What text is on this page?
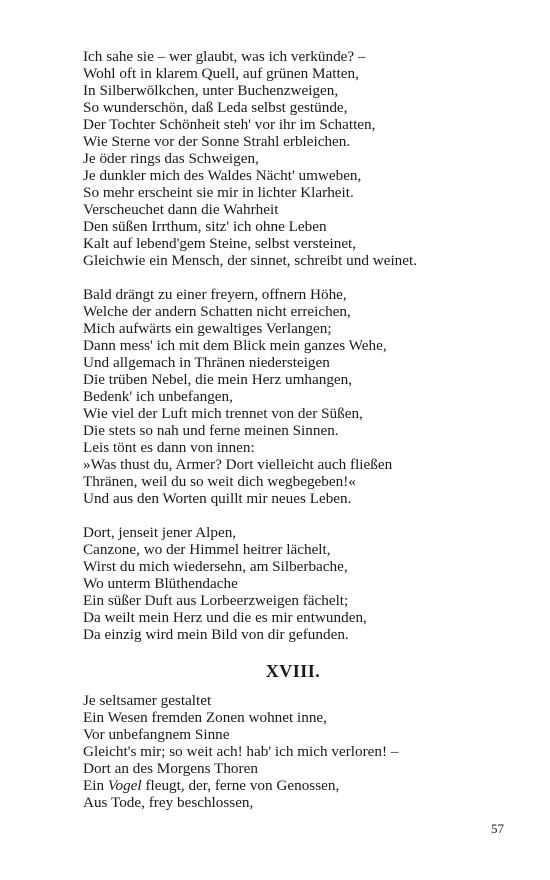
Ich sahe sie – wer glaubt, was ich verkünde? –
Wohl oft in klarem Quell, auf grünen Matten,
In Silberwölkchen, unter Buchenzweigen,
So wunderschön, daß Leda selbst gestünde,
Der Tochter Schönheit steh' vor ihr im Schatten,
Wie Sterne vor der Sonne Strahl erbleichen.
Je öder rings das Schweigen,
Je dunkler mich des Waldes Nächt' umweben,
So mehr erscheint sie mir in lichter Klarheit.
Verscheuchet dann die Wahrheit
Den süßen Irrthum, sitz' ich ohne Leben
Kalt auf lebend'gem Steine, selbst versteinet,
Gleichwie ein Mensch, der sinnet, schreibt und weinet.
Bald drängt zu einer freyern, offnern Höhe,
Welche der andern Schatten nicht erreichen,
Mich aufwärts ein gewaltiges Verlangen;
Dann mess' ich mit dem Blick mein ganzes Wehe,
Und allgemach in Thränen niedersteigen
Die trüben Nebel, die mein Herz umhangen,
Bedenk' ich unbefangen,
Wie viel der Luft mich trennet von der Süßen,
Die stets so nah und ferne meinen Sinnen.
Leis tönt es dann von innen:
»Was thust du, Armer? Dort vielleicht auch fließen
Thränen, weil du so weit dich wegbegeben!«
Und aus den Worten quillt mir neues Leben.
Dort, jenseit jener Alpen,
Canzone, wo der Himmel heitrer lächelt,
Wirst du mich wiedersehn, am Silberbache,
Wo unterm Blüthendache
Ein süßer Duft aus Lorbeerzweigen fächelt;
Da weilt mein Herz und die es mir entwunden,
Da einzig wird mein Bild von dir gefunden.
XVIII.
Je seltsamer gestaltet
Ein Wesen fremden Zonen wohnet inne,
Vor unbefangnem Sinne
Gleicht's mir; so weit ach! hab' ich mich verloren! –
Dort an des Morgens Thoren
Ein Vogel fleugt, der, ferne von Genossen,
Aus Tode, frey beschlossen,
57
